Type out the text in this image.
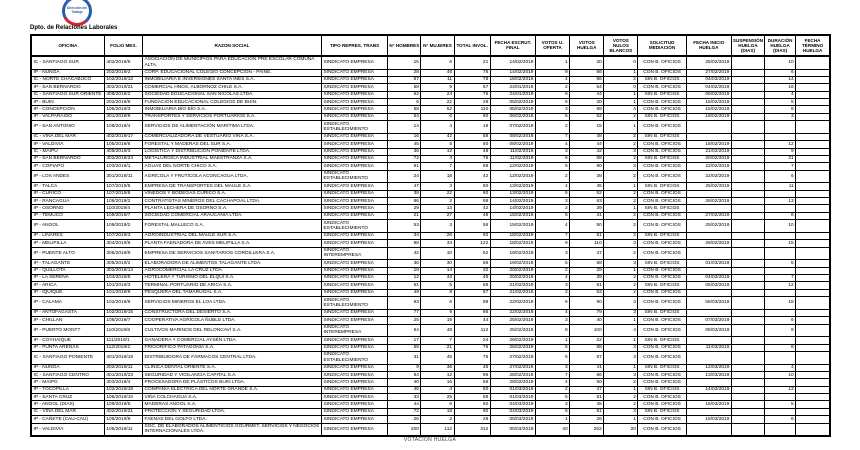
Dirección del
Trabajo
Dpto. de Relaciones Laborales
OFICINA	FOLIO MES.	RAZON SOCIAL	TIPO REPRES. TRABS	N° HOMBRES	N° MUJERES	TOTAL INVOL.	FECHA ESCRUT. FINAL	VOTOS U. OFERTA	VOTOS HUELGA	VOTOS NULOS BLANCOS	SOLICITUD MEDIACIÓN	FECHA INICIO HUELGA	SUSPENSIÓN HUELGA (DIAS)	DURACIÓN HUELGA (DIAS)	FECHA TÉRMINO HUELGA
IC - SANTIAGO SUR	402/2019/5	ASOCIACIÓN DE MUNICIPIOS PARA EDUCACIÓN PRE ESCOLAR COMUNA ALTA.	SINDICATO EMPRESA	15	6	21	14/02/2019	1	20	0	CON B. OFICIOS	25/02/2019		10	
IP - ÑUÑOA	202/2019/2	CORP. EDUCACIONAL COLEGIO CONCEPCIÓN - PAINE.	SINDICATO EMPRESA	28	48	76	14/02/2019	9	56	1	CON B. OFICIOS	27/02/2019		6	
IC - NORTE CHACABUCO	102/2019/12	INMOBILIARIA E INVERSIONES SANTA INES S.A.	SINDICATO EMPRESA	67	11	78	18/02/2019	4	56	2	SIN B. OFICIOS	04/03/2019		14	
IP - SAN BERNARDO	302/2019/21	COMERCIAL HNOS. ALBORNOZ CHILE S.A.	SINDICATO EMPRESA	58	9	67	24/01/2019	2	54	0	CON B. OFICIOS	04/02/2019		16	
IC - SANTIAGO SUR ORIENTE	408/2019/2	SOCIEDAD EDUCACIONAL SAN NICOLÁS LTDA.	SINDICATO EMPRESA	52	24	76	24/01/2019	8	44	1	SIN B. OFICIOS	06/02/2019		4	
IP - BUIN	202/2019/8	FUNDACIÓN EDUCACIONAL COLEGIOS DE BUIN.	SINDICATO EMPRESA	6	22	28	05/02/2019	6	20	1	CON B. OFICIOS	15/02/2019		5	
IP - CONCEPCIÓN	105/2019/3	INMOBILIARIA BÍO BÍO S.A.	SINDICATO EMPRESA	58	52	110	05/02/2019	3	98	4	CON B. OFICIOS	15/02/2019		8	
IP - VALPARAISO	301/2019/9	TRANSPORTES Y SERVICIOS PORTUARIOS S.A.	SINDICATO EMPRESA	54	6	60	06/02/2019	5	52	2	SIN B. OFICIOS	18/02/2019		3	
IP - SAN ANTONIO	108/2019/4	SERVICIOS DE ALIMENTACIÓN MARÍTIMA LTDA.	SINDICATO ESTABLECIMIENTO	14	4	18	07/02/2019	2	15	1	CON B. OFICIOS				
IC - VIÑA DEL MAR	402/2019/17	COMERCIALIZADORA DE VESTUARIO VIÑA S.A.	SINDICATO EMPRESA	16	42	58	08/02/2019	7	48	2	SIN B. OFICIOS				
IP - VALDIVIA	105/2019/6	FORESTAL Y MADERAS DEL SUR S.A.	SINDICATO EMPRESA	45	5	50	08/02/2019	4	44	2	CON B. OFICIOS	18/02/2019		12	
IC - MAIPU	405/2019/3	LOGÍSTICA Y DISTRIBUCIÓN PONIENTE LTDA.	SINDICATO EMPRESA	36	12	48	11/02/2019	3	42	3	CON B. OFICIOS	21/02/2019		9	
IP - SAN BERNARDO	302/2019/24	METALÚRGICA INDUSTRIAL MAESTRANZA S.A.	SINDICATO EMPRESA	72	4	76	11/02/2019	6	68	2	SIN B. OFICIOS	20/02/2019		21	
IP - COPIAPO	103/2019/1	AGUAS DEL NORTE CHICO S.A.	SINDICATO EMPRESA	81	7	88	12/02/2019	5	80	3	CON B. OFICIOS	22/02/2019		7	
IP - LOS ANDES	301/2019/11	AGRÍCOLA Y FRUTÍCOLA ACONCAGUA LTDA.	SINDICATO ESTABLECIMIENTO	24	18	42	12/02/2019	2	38	2	CON B. OFICIOS	22/02/2019		6	
IP - TALCA	107/2019/5	EMPRESA DE TRANSPORTES DEL MAULE S.A.	SINDICATO EMPRESA	47	3	50	13/02/2019	4	45	1	SIN B. OFICIOS	25/02/2019		11	
IP - CURICO	107/2019/8	VIÑEDOS Y BODEGAS CURICÓ S.A.	SINDICATO EMPRESA	38	22	60	13/02/2019	6	52	2	CON B. OFICIOS				
IP - RANCAGUA	106/2019/2	CONTRATISTAS MINEROS DEL CACHAPOAL LTDA.	SINDICATO EMPRESA	66	2	68	14/02/2019	3	63	2	CON B. OFICIOS	26/02/2019		13	
IP - OSORNO	110/2019/4	PLANTA LECHERA DE OSORNO S.A.	SINDICATO EMPRESA	29	13	42	14/02/2019	2	39	1	SIN B. OFICIOS				
IP - TEMUCO	109/2019/7	SOCIEDAD COMERCIAL ARAUCANÍA LTDA.	SINDICATO EMPRESA	21	27	48	15/02/2019	5	41	2	CON B. OFICIOS	27/02/2019		8	
IP - ANGOL	109/2019/2	FORESTAL MALLECO S.A.	SINDICATO ESTABLECIMIENTO	53	3	56	15/02/2019	4	50	2	CON B. OFICIOS	25/02/2019		10	
IP - LINARES	107/2019/3	AGROINDUSTRIAL DEL MAULE SUR S.A.	SINDICATO EMPRESA	34	26	60	18/02/2019	7	51	2	SIN B. OFICIOS				
IP - MELIPILLA	304/2019/6	PLANTA FAENADORA DE AVES MELIPILLA S.A.	SINDICATO EMPRESA	88	34	122	18/02/2019	9	110	3	CON B. OFICIOS	28/02/2019		15	
IP - PUENTE ALTO	306/2019/9	EMPRESA DE SERVICIOS SANITARIOS CORDILLERA S.A.	SINDICATO INTEREMPRESA	42	10	52	19/02/2019	3	47	2	CON B. OFICIOS				
IP - TALAGANTE	305/2019/2	ELABORADORA DE ALIMENTOS TALAGANTE LTDA.	SINDICATO EMPRESA	36	30	66	19/02/2019	5	58	3	SIN B. OFICIOS	01/03/2019		5	
IP - QUILLOTA	302/2019/14	AGROCOMERCIAL LA CRUZ LTDA.	SINDICATO EMPRESA	18	14	32	20/02/2019	2	29	1	CON B. OFICIOS				
IP - LA SERENA	104/2019/5	HOTELERA Y TURISMO DEL ELQUI S.A.	SINDICATO EMPRESA	12	33	45	20/02/2019	4	39	2	CON B. OFICIOS	04/03/2019		7	
IP - ARICA	101/2019/3	TERMINAL PORTUARIO DE ARICA S.A.	SINDICATO EMPRESA	61	5	66	21/02/2019	3	61	2	SIN B. OFICIOS	05/03/2019		12	
IP - IQUIQUE	101/2019/9	PESQUERA DEL TAMARUGAL S.A.	SINDICATO EMPRESA	49	8	57	21/02/2019	2	53	2	CON B. OFICIOS				
IP - CALAMA	102/2019/6	SERVICIOS MINEROS EL LOA LTDA.	SINDICATO ESTABLECIMIENTO	93	6	99	22/02/2019	6	90	3	CON B. OFICIOS	06/03/2019		18	
IP - ANTOFAGASTA	102/2019/15	CONSTRUCTORA DEL DESIERTO S.A.	SINDICATO EMPRESA	77	9	86	22/02/2019	4	79	3	SIN B. OFICIOS				
IP - CHILLAN	108/2019/7	COOPERATIVA AGRÍCOLA ÑUBLE LTDA.	SINDICATO EMPRESA	25	19	44	25/02/2019	3	40	1	CON B. OFICIOS	07/03/2019		6	
IP - PUERTO MONTT	110/2019/8	CULTIVOS MARINOS DEL RELONCAVÍ S.A.	SINDICATO INTEREMPRESA	64	48	112	25/02/2019	8	100	4	CON B. OFICIOS	08/03/2019		9	
IP - COYHAIQUE	111/2019/1	GANADERA Y COMERCIAL AYSÉN LTDA.	SINDICATO EMPRESA	17	7	24	26/02/2019	1	22	1	SIN B. OFICIOS				
IP - PUNTA ARENAS	112/2019/2	FRIGORÍFICO PATAGONIA S.A.	SINDICATO EMPRESA	55	21	76	26/02/2019	5	68	3	CON B. OFICIOS	11/03/2019		8	
IC - SANTIAGO PONIENTE	401/2019/19	DISTRIBUIDORA DE FÁRMACOS CENTRAL LTDA.	SINDICATO ESTABLECIMIENTO	31	45	76	27/02/2019	6	67	3	CON B. OFICIOS				
IP - ÑUÑOA	202/2019/11	CLÍNICA DENTAL ORIENTE S.A.	SINDICATO EMPRESA	9	36	45	27/02/2019	3	41	1	SIN B. OFICIOS	12/03/2019		4	
IC - SANTIAGO CENTRO	401/2019/23	SEGURIDAD Y VIGILANCIA CAPITAL S.A.	SINDICATO EMPRESA	84	12	96	28/02/2019	7	86	3	CON B. OFICIOS	13/03/2019		10	
IP - MAIPO	303/2019/4	PROCESADORA DE PLÁSTICOS BUIN LTDA.	SINDICATO EMPRESA	40	16	56	28/02/2019	4	50	2	CON B. OFICIOS				
IP - TOCOPILLA	102/2019/18	COMPAÑÍA ELÉCTRICA DEL NORTE GRANDE S.A.	SINDICATO EMPRESA	46	4	50	01/03/2019	2	47	1	SIN B. OFICIOS	14/03/2019		13	
IP - SANTA CRUZ	106/2019/10	VIÑA COLCHAGUA S.A.	SINDICATO EMPRESA	33	25	58	01/03/2019	5	51	2	CON B. OFICIOS				
IP - ANGOL (DIAS)	109/2019/5	MADERAS ANGOL S.A.	SINDICATO EMPRESA	44	6	50	04/03/2019	3	45	2	CON B. OFICIOS	15/03/2019		5	
IC - VIÑA DEL MAR	402/2019/21	PROTECCIÓN Y SEGURIDAD LTDA.	SINDICATO EMPRESA	72	18	90	04/03/2019	6	81	3	SIN B. OFICIOS				
IP - CAÑETE (CAU-CAU)	105/2019/9	FAENAS DEL GOLFO LTDA.	SINDICATO EMPRESA	26	2	28	05/03/2019	1	26	1	CON B. OFICIOS	18/03/2019		6	
IP - VALDIVIA	105/2019/11	SOC. DE ELABORADOS ALIMENTICIOS GOURMET, SERVICIOS Y NEGOCIOS INTERNACIONALES LTDA.	SINDICATO EMPRESA	200	112	312	05/03/2019	40	252	20	CON B. OFICIOS				
VOTACIÓN HUELGA
